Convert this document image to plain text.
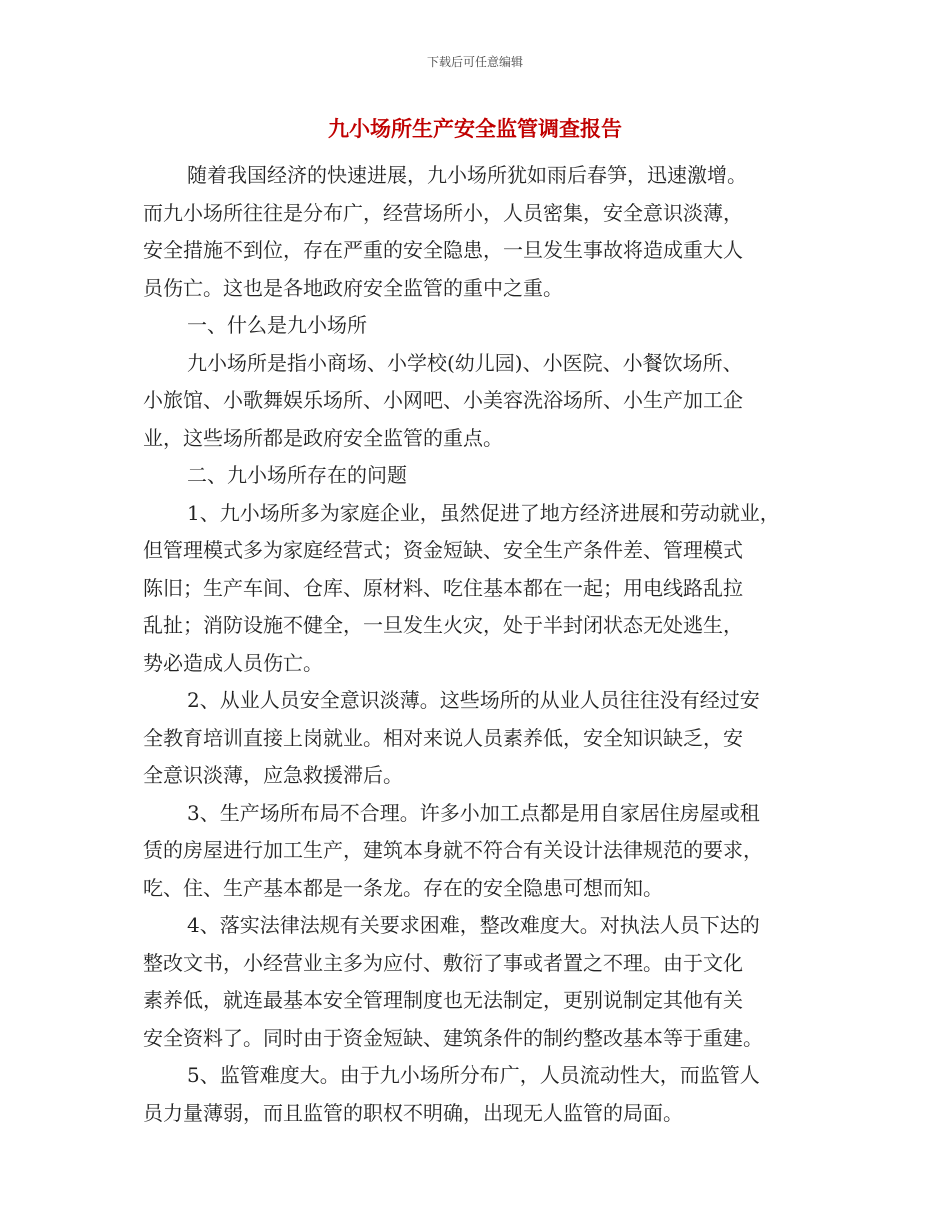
下载后可任意编辑
九小场所生产安全监管调查报告
随着我国经济的快速进展，九小场所犹如雨后春笋，迅速激增。
而九小场所往往是分布广，经营场所小，人员密集，安全意识淡薄，
安全措施不到位，存在严重的安全隐患，一旦发生事故将造成重大人
员伤亡。这也是各地政府安全监管的重中之重。
一、什么是九小场所
九小场所是指小商场、小学校(幼儿园)、小医院、小餐饮场所、
小旅馆、小歌舞娱乐场所、小网吧、小美容洗浴场所、小生产加工企
业，这些场所都是政府安全监管的重点。
二、九小场所存在的问题
1、九小场所多为家庭企业，虽然促进了地方经济进展和劳动就业，
但管理模式多为家庭经营式；资金短缺、安全生产条件差、管理模式
陈旧；生产车间、仓库、原材料、吃住基本都在一起；用电线路乱拉
乱扯；消防设施不健全，一旦发生火灾，处于半封闭状态无处逃生，
势必造成人员伤亡。
2、从业人员安全意识淡薄。这些场所的从业人员往往没有经过安
全教育培训直接上岗就业。相对来说人员素养低，安全知识缺乏，安
全意识淡薄，应急救援滞后。
3、生产场所布局不合理。许多小加工点都是用自家居住房屋或租
赁的房屋进行加工生产，建筑本身就不符合有关设计法律规范的要求，
吃、住、生产基本都是一条龙。存在的安全隐患可想而知。
4、落实法律法规有关要求困难，整改难度大。对执法人员下达的
整改文书，小经营业主多为应付、敷衍了事或者置之不理。由于文化
素养低，就连最基本安全管理制度也无法制定，更别说制定其他有关
安全资料了。同时由于资金短缺、建筑条件的制约整改基本等于重建。
5、监管难度大。由于九小场所分布广，人员流动性大，而监管人
员力量薄弱，而且监管的职权不明确，出现无人监管的局面。
